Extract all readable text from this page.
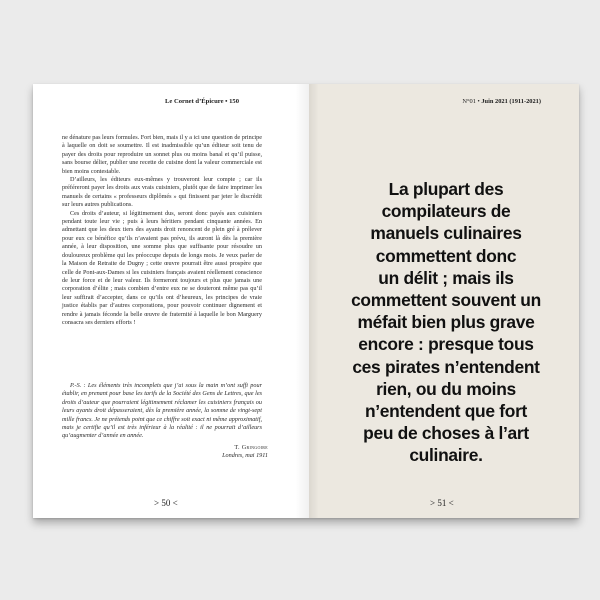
Le Cornet d’Épicure • 150

ne dénature pas leurs formules. Fort bien, mais il y a ici une question de principe à laquelle on doit se soumettre. Il est inadmissible qu’un éditeur soit tenu de payer des droits pour reproduire un sonnet plus ou moins banal et qu’il puisse, sans bourse délier, publier une recette de cuisine dont la valeur commerciale est bien moins contestable.

D’ailleurs, les éditeurs eux-mêmes y trouveront leur compte ; car ils préféreront payer les droits aux vrais cuisiniers, plutôt que de faire imprimer les manuels de certains « professeurs diplômés » qui finissent par jeter le discrédit sur leurs autres publications.

Ces droits d’auteur, si légitimement dus, seront donc payés aux cuisiniers pendant toute leur vie ; puis à leurs héritiers pendant cinquante années. En admettant que les deux tiers des ayants droit renoncent de plein gré à prélever pour eux ce bénéfice qu’ils n’avaient pas prévu, ils auront là dès la première année, à leur disposition, une somme plus que suffisante pour résoudre un douloureux problème qui les préoccupe depuis de longs mois. Je veux parler de la Maison de Retraite de Dugny ; cette œuvre pourrait être aussi prospère que celle de Pont-aux-Dames si les cuisiniers français avaient réellement conscience de leur force et de leur valeur. Ils formeront toujours et plus que jamais une corporation d’élite ; mais combien d’entre eux ne se douteront même pas qu’il leur suffirait d’accepter, dans ce qu’ils ont d’heureux, les principes de vraie justice établis par d’autres corporations, pour pouvoir continuer dignement et rendre à jamais féconde la belle œuvre de fraternité à laquelle le bon Marguery consacra ses derniers efforts !

P.-S. : Les éléments très incomplets que j’ai sous la main m’ont suffi pour établir, en prenant pour base les tarifs de la Société des Gens de Lettres, que les droits d’auteur que pourraient légitimement réclamer les cuisiniers français ou leurs ayants droit dépasseraient, dès la première année, la somme de vingt-sept mille francs. Je ne prétends point que ce chiffre soit exact ni même approximatif, mais je certifie qu’il est très inférieur à la réalité : il ne pourrait d’ailleurs qu’augmenter d’année en année.

T. Gringoire
Londres, mai 1911
> 50 <
N°01 • Juin 2021 (1911-2021)
La plupart des
compilateurs de
manuels culinaires
commettent donc
un délit ; mais ils
commettent souvent un
méfait bien plus grave
encore : presque tous
ces pirates n’entendent
rien, ou du moins
n’entendent que fort
peu de choses à l’art
culinaire.
> 51 <
